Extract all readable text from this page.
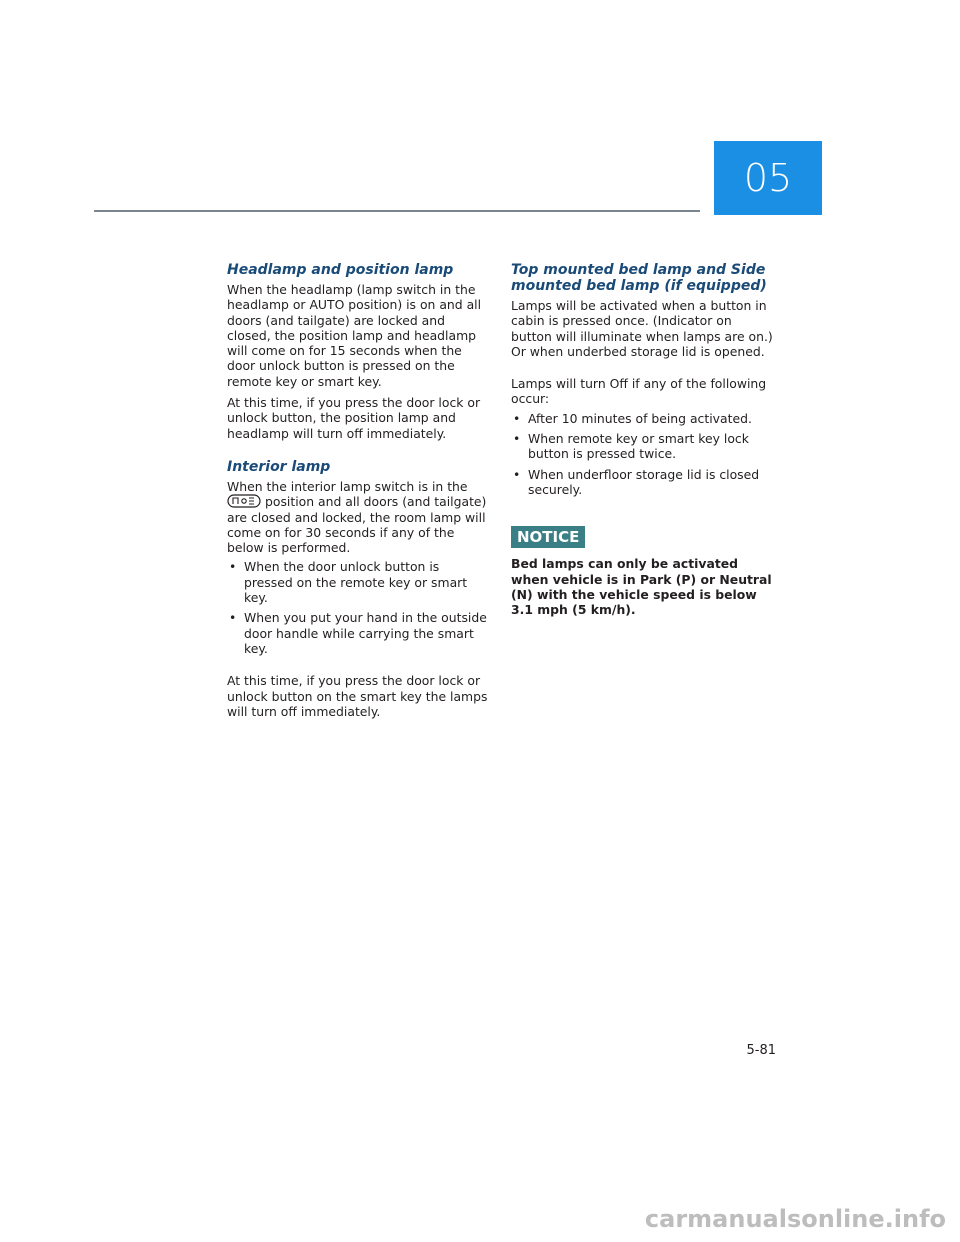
05
Headlamp and position lamp

When the headlamp (lamp switch in the headlamp or AUTO position) is on and all doors (and tailgate) are locked and closed, the position lamp and headlamp will come on for 15 seconds when the door unlock button is pressed on the remote key or smart key.

At this time, if you press the door lock or unlock button, the position lamp and headlamp will turn off immediately.

Interior lamp

When the interior lamp switch is in the
position and all doors (and tailgate) are closed and locked, the room lamp will come on for 30 seconds if any of the below is performed.

• When the door unlock button is pressed on the remote key or smart key.
• When you put your hand in the outside door handle while carrying the smart key.

At this time, if you press the door lock or unlock button on the smart key the lamps will turn off immediately.

Top mounted bed lamp and Side mounted bed lamp (if equipped)

Lamps will be activated when a button in cabin is pressed once. (Indicator on button will illuminate when lamps are on.) Or when underbed storage lid is opened.

Lamps will turn Off if any of the following occur:

• After 10 minutes of being activated.
• When remote key or smart key lock button is pressed twice.
• When underfloor storage lid is closed securely.
NOTICE

Bed lamps can only be activated when vehicle is in Park (P) or Neutral (N) with the vehicle speed is below 3.1 mph (5 km/h).

5-81
carmanualsonline.info
